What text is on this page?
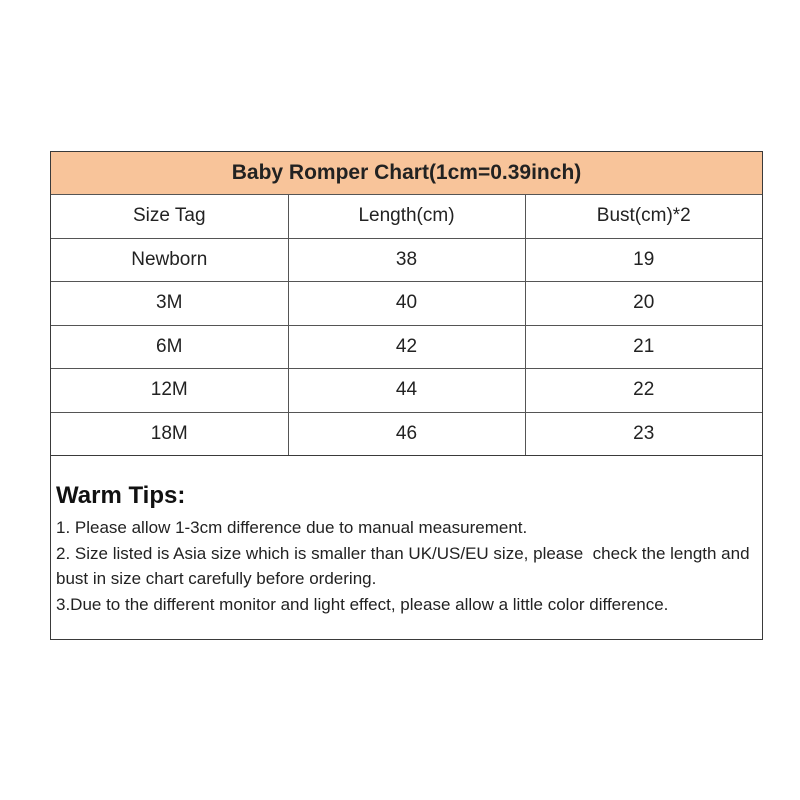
Baby Romper Chart(1cm=0.39inch)
Size Tag	Length(cm)	Bust(cm)*2
Newborn	38	19
3M	40	20
6M	42	21
12M	44	22
18M	46	23
Warm Tips:
1. Please allow 1-3cm difference due to manual measurement.
2. Size listed is Asia size which is smaller than UK/US/EU size, please  check the length and bust in size chart carefully before ordering.
3.Due to the different monitor and light effect, please allow a little color difference.
